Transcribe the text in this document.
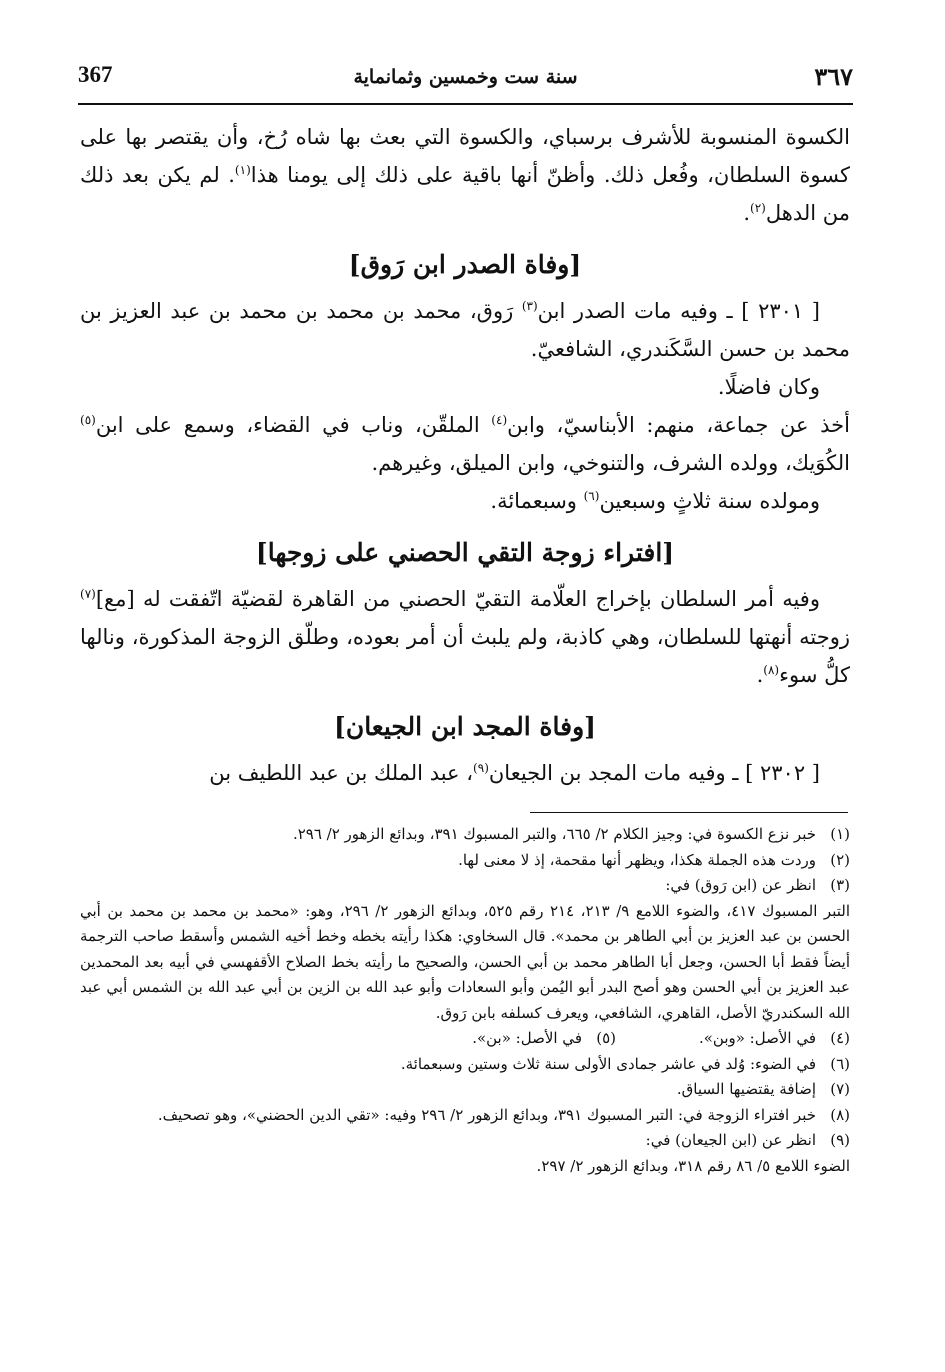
٣٦٧
سنة ست وخمسين وثمانماية
367

الكسوة المنسوبة للأشرف برسباي، والكسوة التي بعث بها شاه رُخ، وأن يقتصر بها على كسوة السلطان، وفُعل ذلك. وأظنّ أنها باقية على ذلك إلى يومنا هذا$^{(١)}$. لم يكن بعد ذلك من الدهل$^{(٢)}$.

[وفاة الصدر ابن رَوق]

[ ٢٣٠١ ] ـ وفيه مات الصدر ابن$^{(٣)}$ رَوق، محمد بن محمد بن محمد بن عبد العزيز بن محمد بن حسن السَّكَندري، الشافعيّ.

وكان فاضلًا.

أخذ عن جماعة، منهم: الأبناسيّ، وابن$^{(٤)}$ الملقّن، وناب في القضاء، وسمع على ابن$^{(٥)}$ الكُوَيك، وولده الشرف، والتنوخي، وابن الميلق، وغيرهم.

ومولده سنة ثلاثٍ وسبعين$^{(٦)}$ وسبعمائة.

[افتراء زوجة التقي الحصني على زوجها]

وفيه أمر السلطان بإخراج العلّامة التقيّ الحصني من القاهرة لقضيّة اتّفقت له [مع]$^{(٧)}$ زوجته أنهتها للسلطان، وهي كاذبة، ولم يلبث أن أمر بعوده، وطلّق الزوجة المذكورة، ونالها كلُّ سوء$^{(٨)}$.

[وفاة المجد ابن الجيعان]

[ ٢٣٠٢ ] ـ وفيه مات المجد بن الجيعان$^{(٩)}$، عبد الملك بن عبد اللطيف بن

(١)
خبر نزع الكسوة في: وجيز الكلام ٢/ ٦٦٥، والتبر المسبوك ٣٩١، وبدائع الزهور ٢/ ٢٩٦.
(٢)
وردت هذه الجملة هكذا، ويظهر أنها مقحمة، إذ لا معنى لها.
(٣)
انظر عن (ابن رَوق) في:
التبر المسبوك ٤١٧، والضوء اللامع ٩/ ٢١٣، ٢١٤ رقم ٥٢٥، وبدائع الزهور ٢/ ٢٩٦، وهو: «محمد بن محمد بن محمد بن أبي الحسن بن عبد العزيز بن أبي الطاهر بن محمد». قال السخاوي: هكذا رأيته بخطه وخط أخيه الشمس وأسقط صاحب الترجمة أيضاً فقط أبا الحسن، وجعل أبا الطاهر محمد بن أبي الحسن، والصحيح ما رأيته بخط الصلاح الأقفهسي في أبيه بعد المحمدين عبد العزيز بن أبي الحسن وهو أصح البدر أبو اليُمن وأبو السعادات وأبو عبد الله بن الزين بن أبي عبد الله بن الشمس أبي عبد الله السكندريّ الأصل، القاهري، الشافعي، ويعرف كسلفه بابن رَوق.
(٤)
في الأصل: «وبن».
(٥)
في الأصل: «بن».
(٦)
في الضوء: وُلد في عاشر جمادى الأولى سنة ثلاث وستين وسبعمائة.
(٧)
إضافة يقتضيها السياق.
(٨)
خبر افتراء الزوجة في: التبر المسبوك ٣٩١، وبدائع الزهور ٢/ ٢٩٦ وفيه: «تقي الدين الحضني»، وهو تصحيف.
(٩)
انظر عن (ابن الجيعان) في:
الضوء اللامع ٥/ ٨٦ رقم ٣١٨، وبدائع الزهور ٢/ ٢٩٧.
